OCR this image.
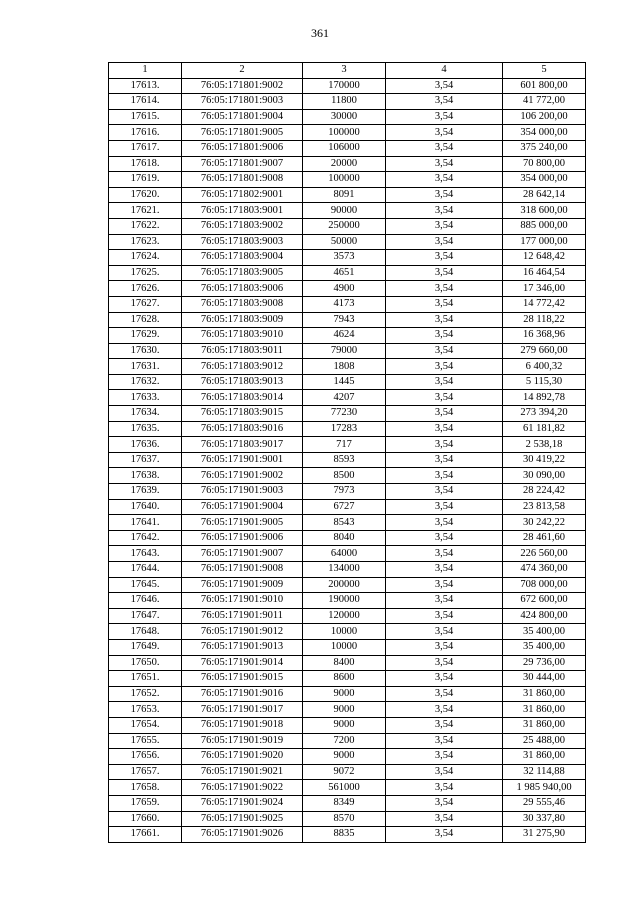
361
1	2	3	4	5
17613.	76:05:171801:9002	170000	3,54	601 800,00
17614.	76:05:171801:9003	11800	3,54	41 772,00
17615.	76:05:171801:9004	30000	3,54	106 200,00
17616.	76:05:171801:9005	100000	3,54	354 000,00
17617.	76:05:171801:9006	106000	3,54	375 240,00
17618.	76:05:171801:9007	20000	3,54	70 800,00
17619.	76:05:171801:9008	100000	3,54	354 000,00
17620.	76:05:171802:9001	8091	3,54	28 642,14
17621.	76:05:171803:9001	90000	3,54	318 600,00
17622.	76:05:171803:9002	250000	3,54	885 000,00
17623.	76:05:171803:9003	50000	3,54	177 000,00
17624.	76:05:171803:9004	3573	3,54	12 648,42
17625.	76:05:171803:9005	4651	3,54	16 464,54
17626.	76:05:171803:9006	4900	3,54	17 346,00
17627.	76:05:171803:9008	4173	3,54	14 772,42
17628.	76:05:171803:9009	7943	3,54	28 118,22
17629.	76:05:171803:9010	4624	3,54	16 368,96
17630.	76:05:171803:9011	79000	3,54	279 660,00
17631.	76:05:171803:9012	1808	3,54	6 400,32
17632.	76:05:171803:9013	1445	3,54	5 115,30
17633.	76:05:171803:9014	4207	3,54	14 892,78
17634.	76:05:171803:9015	77230	3,54	273 394,20
17635.	76:05:171803:9016	17283	3,54	61 181,82
17636.	76:05:171803:9017	717	3,54	2 538,18
17637.	76:05:171901:9001	8593	3,54	30 419,22
17638.	76:05:171901:9002	8500	3,54	30 090,00
17639.	76:05:171901:9003	7973	3,54	28 224,42
17640.	76:05:171901:9004	6727	3,54	23 813,58
17641.	76:05:171901:9005	8543	3,54	30 242,22
17642.	76:05:171901:9006	8040	3,54	28 461,60
17643.	76:05:171901:9007	64000	3,54	226 560,00
17644.	76:05:171901:9008	134000	3,54	474 360,00
17645.	76:05:171901:9009	200000	3,54	708 000,00
17646.	76:05:171901:9010	190000	3,54	672 600,00
17647.	76:05:171901:9011	120000	3,54	424 800,00
17648.	76:05:171901:9012	10000	3,54	35 400,00
17649.	76:05:171901:9013	10000	3,54	35 400,00
17650.	76:05:171901:9014	8400	3,54	29 736,00
17651.	76:05:171901:9015	8600	3,54	30 444,00
17652.	76:05:171901:9016	9000	3,54	31 860,00
17653.	76:05:171901:9017	9000	3,54	31 860,00
17654.	76:05:171901:9018	9000	3,54	31 860,00
17655.	76:05:171901:9019	7200	3,54	25 488,00
17656.	76:05:171901:9020	9000	3,54	31 860,00
17657.	76:05:171901:9021	9072	3,54	32 114,88
17658.	76:05:171901:9022	561000	3,54	1 985 940,00
17659.	76:05:171901:9024	8349	3,54	29 555,46
17660.	76:05:171901:9025	8570	3,54	30 337,80
17661.	76:05:171901:9026	8835	3,54	31 275,90
